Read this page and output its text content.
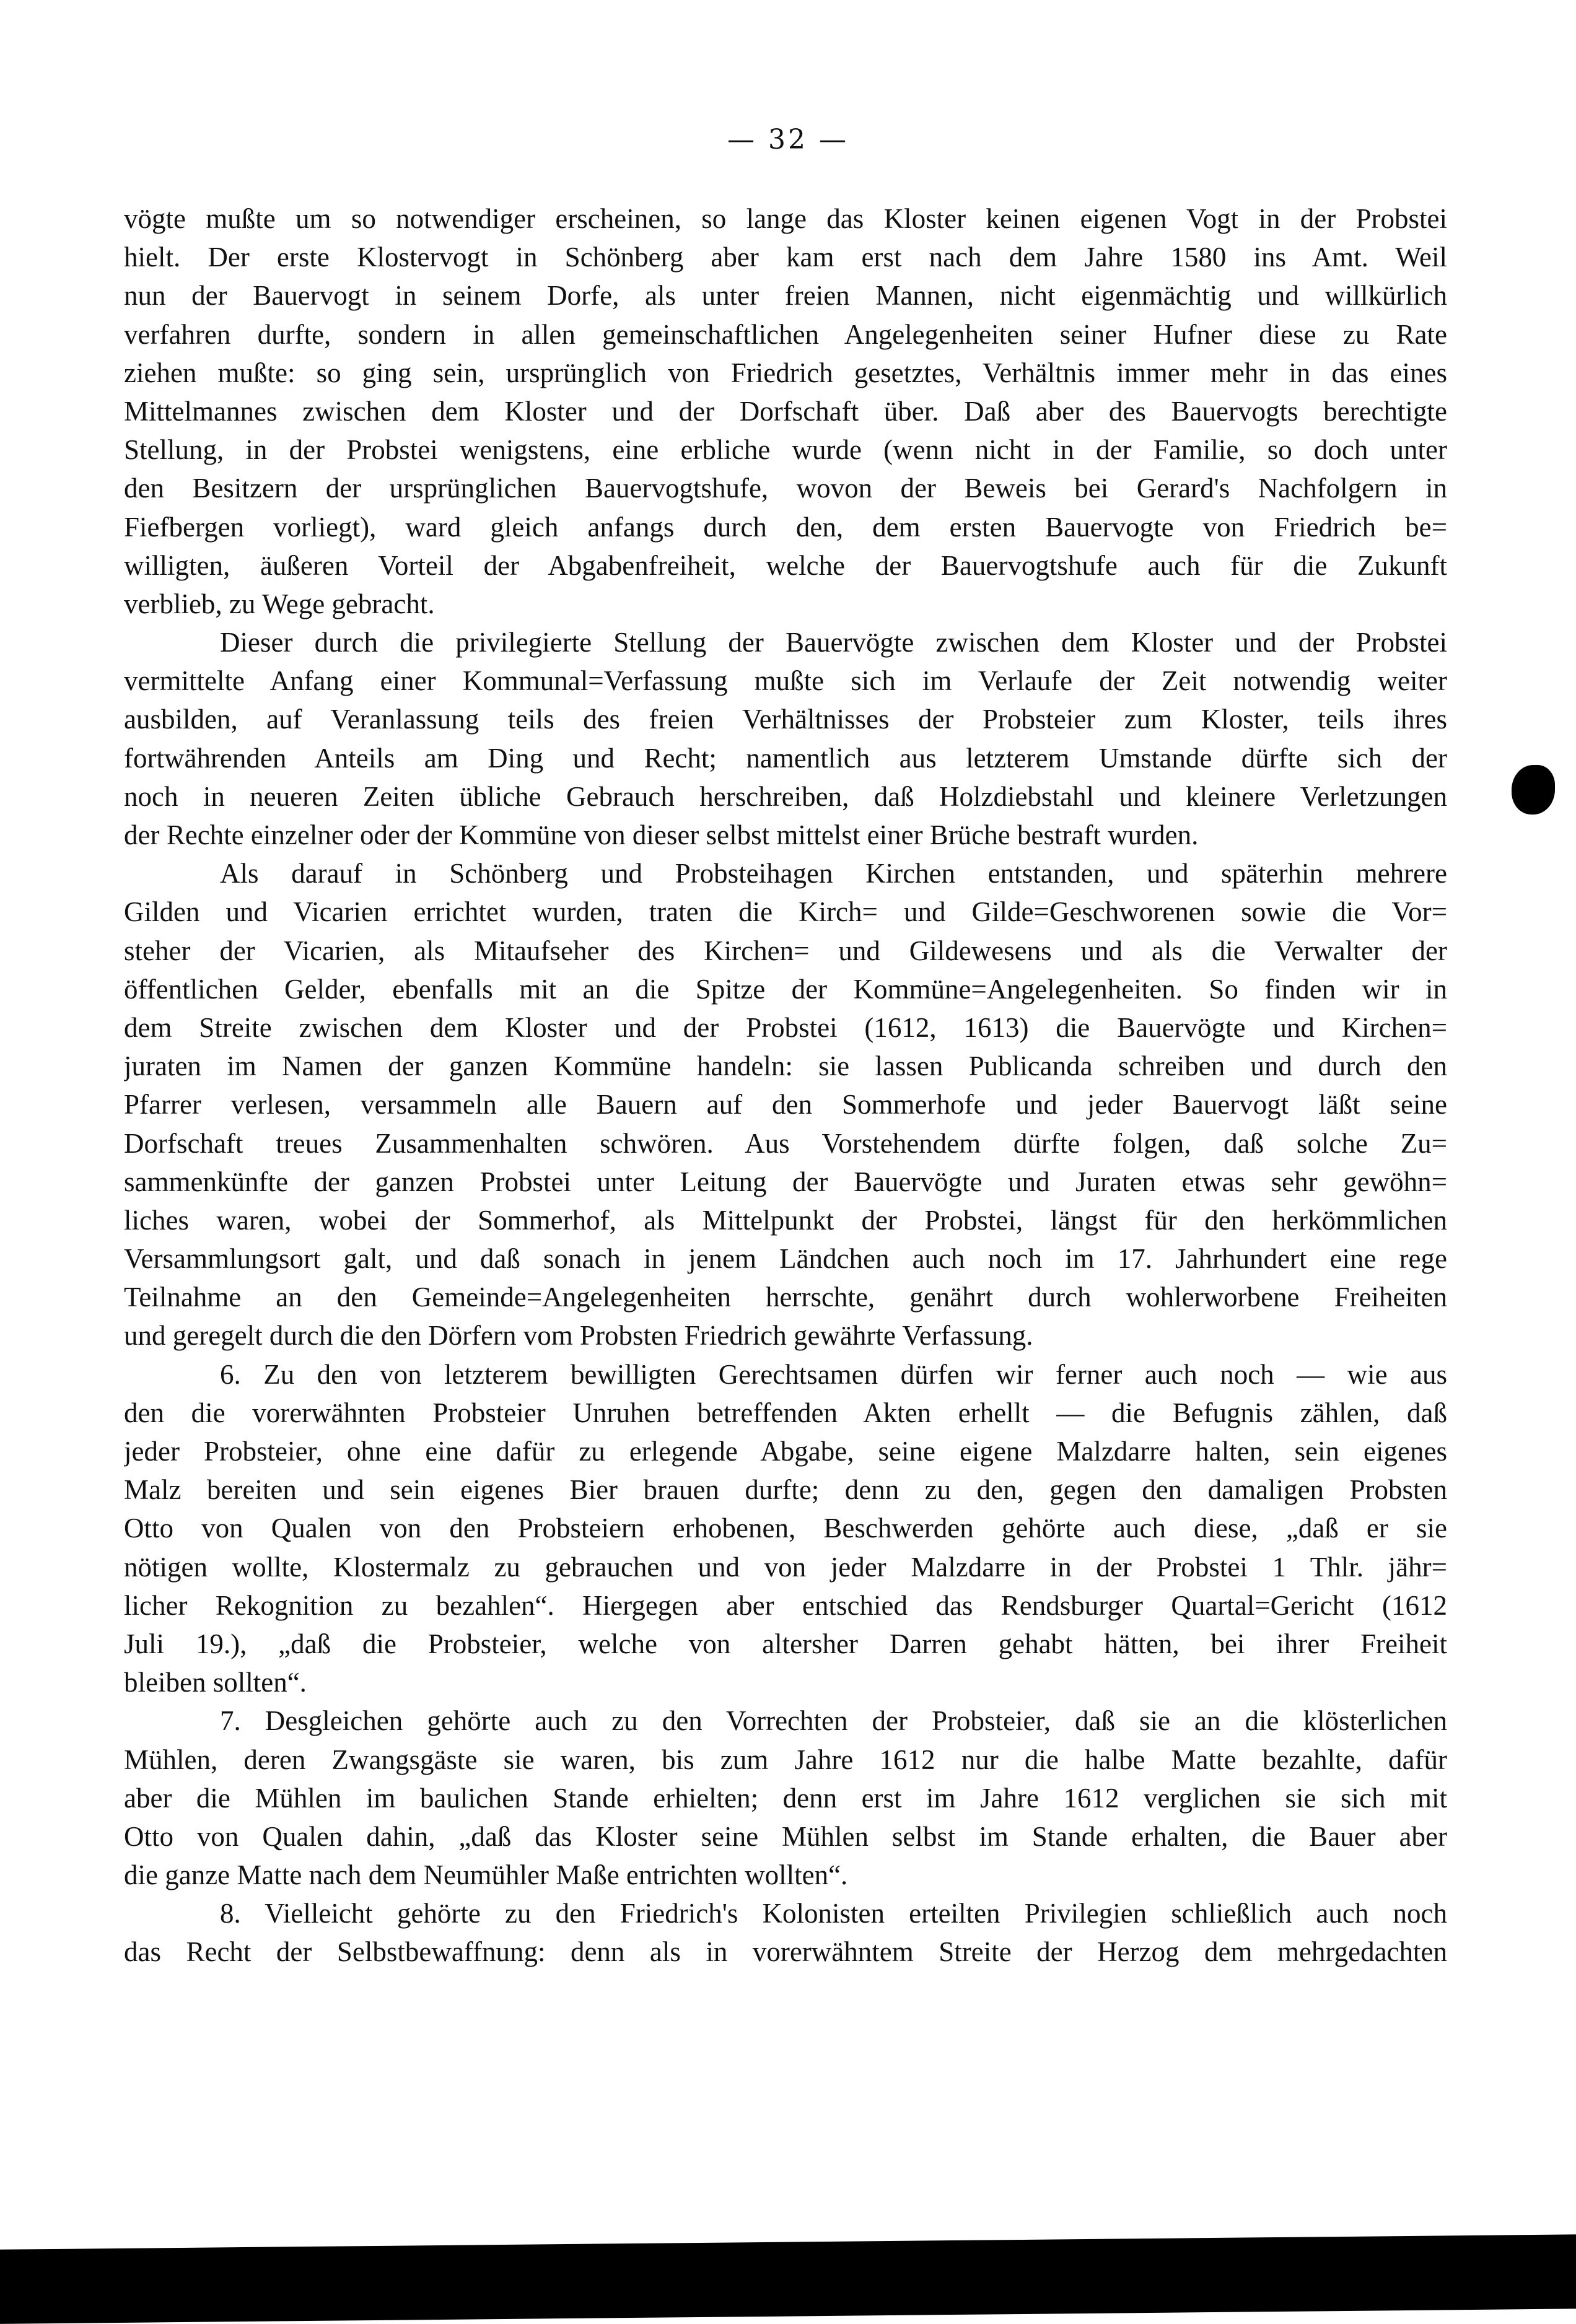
— 32 —
vögte mußte um so notwendiger erscheinen, so lange das Kloster keinen eigenen Vogt in der Probstei
hielt. Der erste Klostervogt in Schönberg aber kam erst nach dem Jahre 1580 ins Amt. Weil
nun der Bauervogt in seinem Dorfe, als unter freien Mannen, nicht eigenmächtig und willkürlich
verfahren durfte, sondern in allen gemeinschaftlichen Angelegenheiten seiner Hufner diese zu Rate
ziehen mußte: so ging sein, ursprünglich von Friedrich gesetztes, Verhältnis immer mehr in das eines
Mittelmannes zwischen dem Kloster und der Dorfschaft über. Daß aber des Bauervogts berechtigte
Stellung, in der Probstei wenigstens, eine erbliche wurde (wenn nicht in der Familie, so doch unter
den Besitzern der ursprünglichen Bauervogtshufe, wovon der Beweis bei Gerard's Nachfolgern in
Fiefbergen vorliegt), ward gleich anfangs durch den, dem ersten Bauervogte von Friedrich be=
willigten, äußeren Vorteil der Abgabenfreiheit, welche der Bauervogtshufe auch für die Zukunft
verblieb, zu Wege gebracht.
Dieser durch die privilegierte Stellung der Bauervögte zwischen dem Kloster und der Probstei
vermittelte Anfang einer Kommunal=Verfassung mußte sich im Verlaufe der Zeit notwendig weiter
ausbilden, auf Veranlassung teils des freien Verhältnisses der Probsteier zum Kloster, teils ihres
fortwährenden Anteils am Ding und Recht; namentlich aus letzterem Umstande dürfte sich der
noch in neueren Zeiten übliche Gebrauch herschreiben, daß Holzdiebstahl und kleinere Verletzungen
der Rechte einzelner oder der Kommüne von dieser selbst mittelst einer Brüche bestraft wurden.
Als darauf in Schönberg und Probsteihagen Kirchen entstanden, und späterhin mehrere
Gilden und Vicarien errichtet wurden, traten die Kirch= und Gilde=Geschworenen sowie die Vor=
steher der Vicarien, als Mitaufseher des Kirchen= und Gildewesens und als die Verwalter der
öffentlichen Gelder, ebenfalls mit an die Spitze der Kommüne=Angelegenheiten. So finden wir in
dem Streite zwischen dem Kloster und der Probstei (1612, 1613) die Bauervögte und Kirchen=
juraten im Namen der ganzen Kommüne handeln: sie lassen Publicanda schreiben und durch den
Pfarrer verlesen, versammeln alle Bauern auf den Sommerhofe und jeder Bauervogt läßt seine
Dorfschaft treues Zusammenhalten schwören. Aus Vorstehendem dürfte folgen, daß solche Zu=
sammenkünfte der ganzen Probstei unter Leitung der Bauervögte und Juraten etwas sehr gewöhn=
liches waren, wobei der Sommerhof, als Mittelpunkt der Probstei, längst für den herkömmlichen
Versammlungsort galt, und daß sonach in jenem Ländchen auch noch im 17. Jahrhundert eine rege
Teilnahme an den Gemeinde=Angelegenheiten herrschte, genährt durch wohlerworbene Freiheiten
und geregelt durch die den Dörfern vom Probsten Friedrich gewährte Verfassung.
6. Zu den von letzterem bewilligten Gerechtsamen dürfen wir ferner auch noch — wie aus
den die vorerwähnten Probsteier Unruhen betreffenden Akten erhellt — die Befugnis zählen, daß
jeder Probsteier, ohne eine dafür zu erlegende Abgabe, seine eigene Malzdarre halten, sein eigenes
Malz bereiten und sein eigenes Bier brauen durfte; denn zu den, gegen den damaligen Probsten
Otto von Qualen von den Probsteiern erhobenen, Beschwerden gehörte auch diese, „daß er sie
nötigen wollte, Klostermalz zu gebrauchen und von jeder Malzdarre in der Probstei 1 Thlr. jähr=
licher Rekognition zu bezahlen“. Hiergegen aber entschied das Rendsburger Quartal=Gericht (1612
Juli 19.), „daß die Probsteier, welche von altersher Darren gehabt hätten, bei ihrer Freiheit
bleiben sollten“.
7. Desgleichen gehörte auch zu den Vorrechten der Probsteier, daß sie an die klösterlichen
Mühlen, deren Zwangsgäste sie waren, bis zum Jahre 1612 nur die halbe Matte bezahlte, dafür
aber die Mühlen im baulichen Stande erhielten; denn erst im Jahre 1612 verglichen sie sich mit
Otto von Qualen dahin, „daß das Kloster seine Mühlen selbst im Stande erhalten, die Bauer aber
die ganze Matte nach dem Neumühler Maße entrichten wollten“.
8. Vielleicht gehörte zu den Friedrich's Kolonisten erteilten Privilegien schließlich auch noch
das Recht der Selbstbewaffnung: denn als in vorerwähntem Streite der Herzog dem mehrgedachten
